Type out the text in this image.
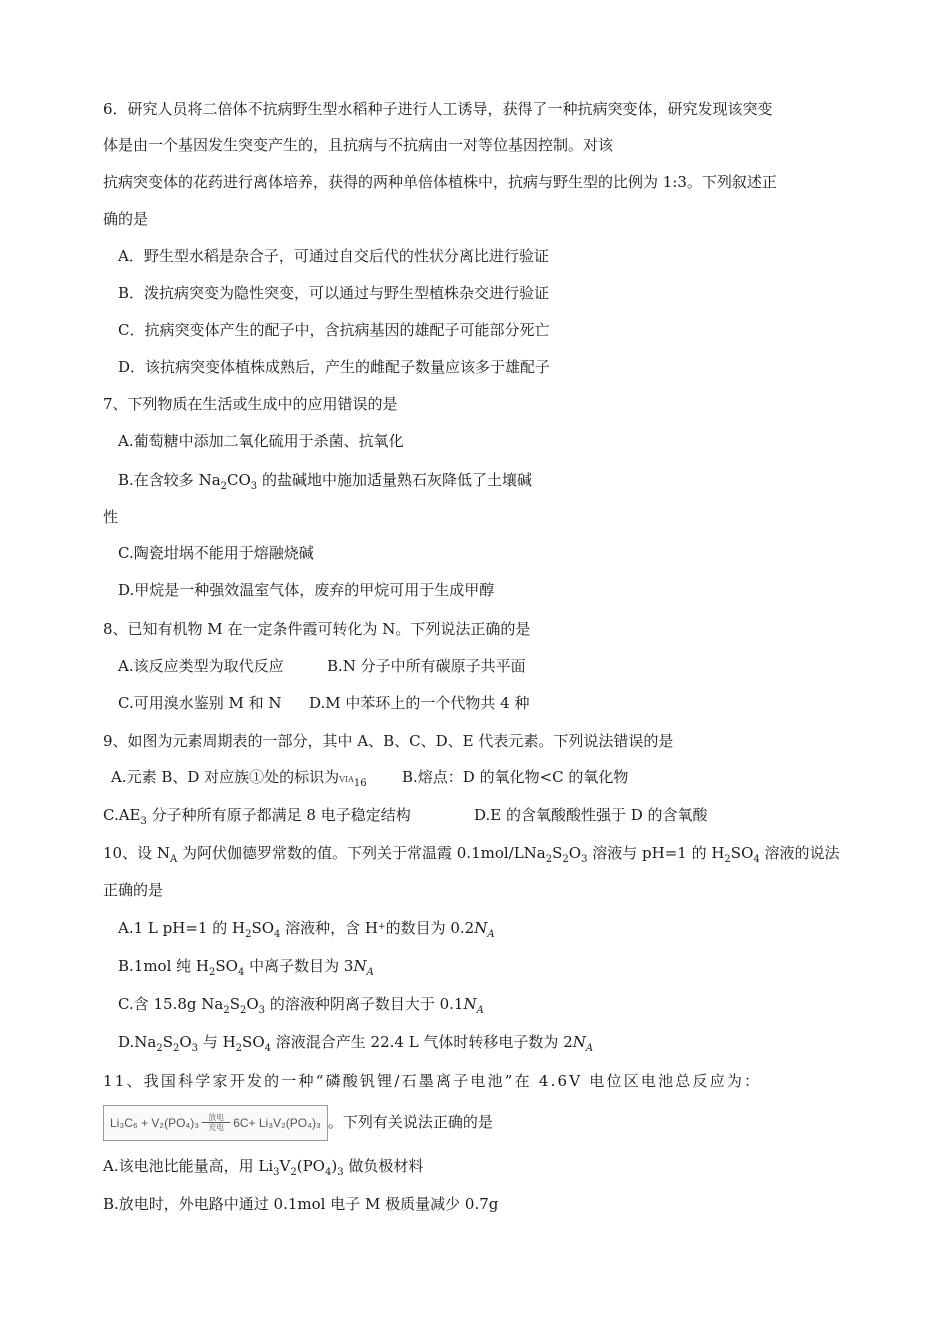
6．研究人员将二倍体不抗病野生型水稻种子进行人工诱导，获得了一种抗病突变体，研究发现该突变
体是由一个基因发生突变产生的，且抗病与不抗病由一对等位基因控制。对该
抗病突变体的花药进行离体培养，获得的两种单倍体植株中，抗病与野生型的比例为 1:3。下列叙述正
确的是
A．野生型水稻是杂合子，可通过自交后代的性状分离比进行验证
B．泼抗病突变为隐性突变，可以通过与野生型植株杂交进行验证
C．抗病突变体产生的配子中，含抗病基因的雄配子可能部分死亡
D．该抗病突变体植株成熟后，产生的雌配子数量应该多于雄配子
7、下列物质在生活或生成中的应用错误的是
A.葡萄糖中添加二氧化硫用于杀菌、抗氧化
B.在含较多 $Na_2CO_3$ 的盐碱地中施加适量熟石灰降低了土壤碱
性
C.陶瓷坩埚不能用于熔融烧碱
D.甲烷是一种强效温室气体，废弃的甲烷可用于生成甲醇
8、已知有机物 M 在一定条件霞可转化为 N。下列说法正确的是
A.该反应类型为取代反应	B.N 分子中所有碳原子共平面
C.可用溴水鉴别 M 和 N D.M 中苯环上的一个代物共 4 种
9、如图为元素周期表的一部分，其中 A、B、C、D、E 代表元素。下列说法错误的是
A.元素 B、D 对应族①处的标识为$VIA_{16}$ B.熔点：D 的氧化物<C 的氧化物
$C.AE_3$ 分子种所有原子都满足 8 电子稳定结构	D.E 的含氧酸酸性强于 D 的含氧酸
10、设 $N_A$ 为阿伏伽德罗常数的值。下列关于常温霞 $0.1mol/LNa_2S_2O_3$ 溶液与 pH=1 的 $H_2SO_4$ 溶液的说法
正确的是
A.1 L pH=1 的 $H_2SO_4$ 溶液种，含 H+的数目为 $0.2N_A$
B.1mol 纯 $H_2SO_4$ 中离子数目为 $3N_A$
C.含 15.8g $Na_2S_2O_3$ 的溶液种阴离子数目大于 $0.1N_A$
$D.Na_2S_2O_3$ 与 $H_2SO_4$ 溶液混合产生 22.4 L 气体时转移电子数为 $2N_A$
11、我国科学家开发的一种“磷酸钒锂/石墨离子电池”在 4.6V 电位区电池总反应为：
Li₃C₆ + V₂(PO₄)₃	放电
充电 6C+ Li₃V₂(PO₄)₃ 。下列有关说法正确的是
A.该电池比能量高，用 $Li_3V_2(PO_4)_3$ 做负极材料
B.放电时，外电路中通过 0.1mol 电子 M 极质量减少 0.7g
